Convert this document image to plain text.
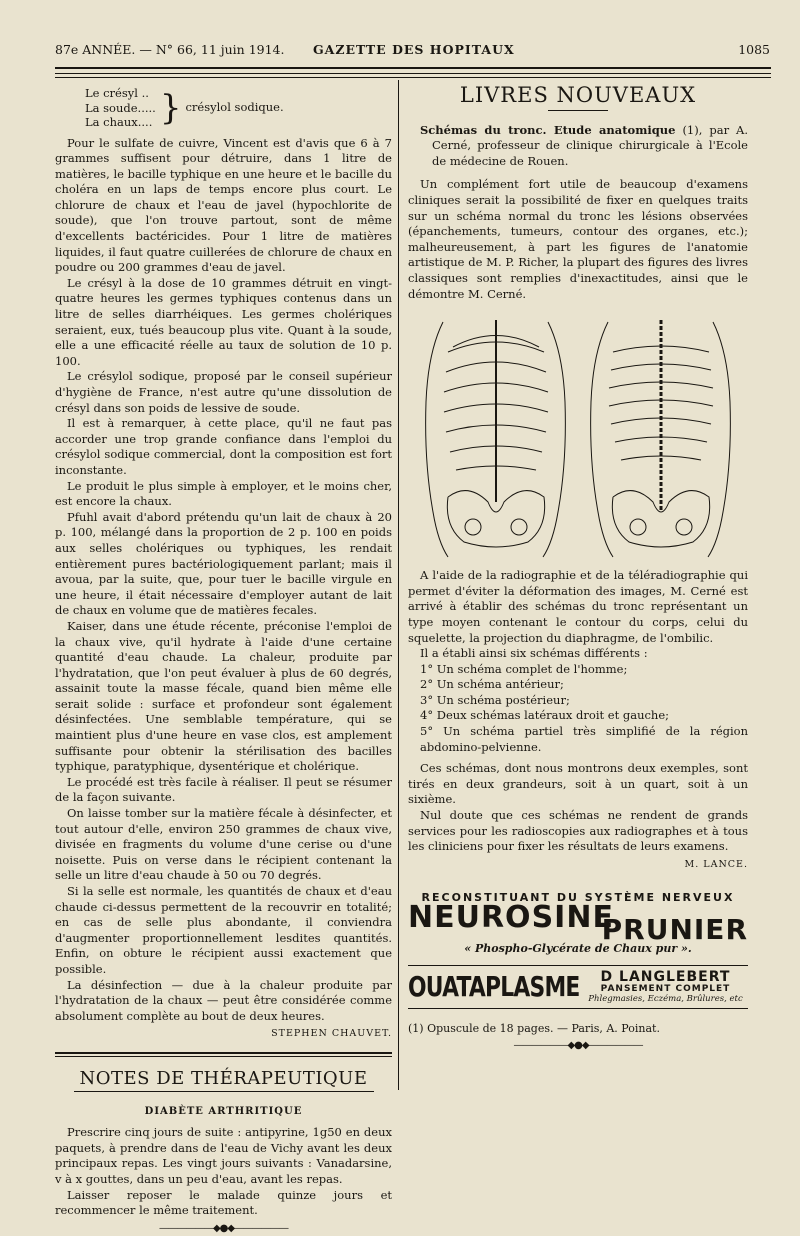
87e ANNÉE. — N° 66, 11 juin 1914. GAZETTE DES HOPITAUX	1085
Le crésyl ..
La soude.....
La chaux.... } crésylol sodique.

Pour le sulfate de cuivre, Vincent est d'avis que 6 à 7 grammes suffisent pour détruire, dans 1 litre de matières, le bacille typhique en une heure et le bacille du choléra en un laps de temps encore plus court. Le chlorure de chaux et l'eau de javel (hypochlorite de soude), que l'on trouve partout, sont de même d'excellents bactéricides. Pour 1 litre de matières liquides, il faut quatre cuillerées de chlorure de chaux en poudre ou 200 grammes d'eau de javel.

Le crésyl à la dose de 10 grammes détruit en vingt-quatre heures les germes typhiques contenus dans un litre de selles diarrhéiques. Les germes cholériques seraient, eux, tués beaucoup plus vite. Quant à la soude, elle a une efficacité réelle au taux de solution de 10 p. 100.

Le crésylol sodique, proposé par le conseil supérieur d'hygiène de France, n'est autre qu'une dissolution de crésyl dans son poids de lessive de soude.

Il est à remarquer, à cette place, qu'il ne faut pas accorder une trop grande confiance dans l'emploi du crésylol sodique commercial, dont la composition est fort inconstante.

Le produit le plus simple à employer, et le moins cher, est encore la chaux.

Pfuhl avait d'abord prétendu qu'un lait de chaux à 20 p. 100, mélangé dans la proportion de 2 p. 100 en poids aux selles cholériques ou typhiques, les rendait entièrement pures bactériologiquement parlant; mais il avoua, par la suite, que, pour tuer le bacille virgule en une heure, il était nécessaire d'employer autant de lait de chaux en volume que de matières fecales.

Kaiser, dans une étude récente, préconise l'emploi de la chaux vive, qu'il hydrate à l'aide d'une certaine quantité d'eau chaude. La chaleur, produite par l'hydratation, que l'on peut évaluer à plus de 60 degrés, assainit toute la masse fécale, quand bien même elle serait solide : surface et profondeur sont également désinfectées. Une semblable température, qui se maintient plus d'une heure en vase clos, est amplement suffisante pour obtenir la stérilisation des bacilles typhique, paratyphique, dysentérique et cholérique.

Le procédé est très facile à réaliser. Il peut se résumer de la façon suivante.

On laisse tomber sur la matière fécale à désinfecter, et tout autour d'elle, environ 250 grammes de chaux vive, divisée en fragments du volume d'une cerise ou d'une noisette. Puis on verse dans le récipient contenant la selle un litre d'eau chaude à 50 ou 70 degrés.

Si la selle est normale, les quantités de chaux et d'eau chaude ci-dessus permettent de la recouvrir en totalité; en cas de selle plus abondante, il conviendra d'augmenter proportionnellement lesdites quantités. Enfin, on obture le récipient aussi exactement que possible.

La désinfection — due à la chaleur produite par l'hydratation de la chaux — peut être considérée comme absolument complète au bout de deux heures.

STEPHEN CHAUVET.
NOTES DE THÉRAPEUTIQUE
DIABÈTE ARTHRITIQUE

Prescrire cinq jours de suite : antipyrine, 1g50 en deux paquets, à prendre dans de l'eau de Vichy avant les deux principaux repas. Les vingt jours suivants : Vanadarsine, v à x gouttes, dans un peu d'eau, avant les repas.

Laisser reposer le malade quinze jours et recommencer le même traitement.

——————◆●◆——————
LIVRES NOUVEAUX

Schémas du tronc. Etude anatomique (1), par A. Cerné, professeur de clinique chirurgicale à l'Ecole de médecine de Rouen.

Un complément fort utile de beaucoup d'examens cliniques serait la possibilité de fixer en quelques traits sur un schéma normal du tronc les lésions observées (épanchements, tumeurs, contour des organes, etc.); malheureusement, à part les figures de l'anatomie artistique de M. P. Richer, la plupart des figures des livres classiques sont remplies d'inexactitudes, ainsi que le démontre M. Cerné.

A l'aide de la radiographie et de la téléradiographie qui permet d'éviter la déformation des images, M. Cerné est arrivé à établir des schémas du tronc représentant un type moyen contenant le contour du corps, celui du squelette, la projection du diaphragme, de l'ombilic.

Il a établi ainsi six schémas différents :

1° Un schéma complet de l'homme;

2° Un schéma antérieur;

3° Un schéma postérieur;

4° Deux schémas latéraux droit et gauche;

5° Un schéma partiel très simplifié de la région abdomino-pelvienne.

Ces schémas, dont nous montrons deux exemples, sont tirés en deux grandeurs, soit à un quart, soit à un sixième.

Nul doute que ces schémas ne rendent de grands services pour les radioscopies aux radiographes et à tous les cliniciens pour fixer les résultats de leurs examens.

M. LANCE.
RECONSTITUANT DU SYSTÈME NERVEUX
NEUROSINE
PRUNIER
« Phospho-Glycérate de Chaux pur ».
OUATAPLASME	D LANGLEBERT
PANSEMENT COMPLET
Phlegmasies, Eczéma, Brûlures, etc

(1) Opuscule de 18 pages. — Paris, A. Poinat.

——————◆●◆——————
